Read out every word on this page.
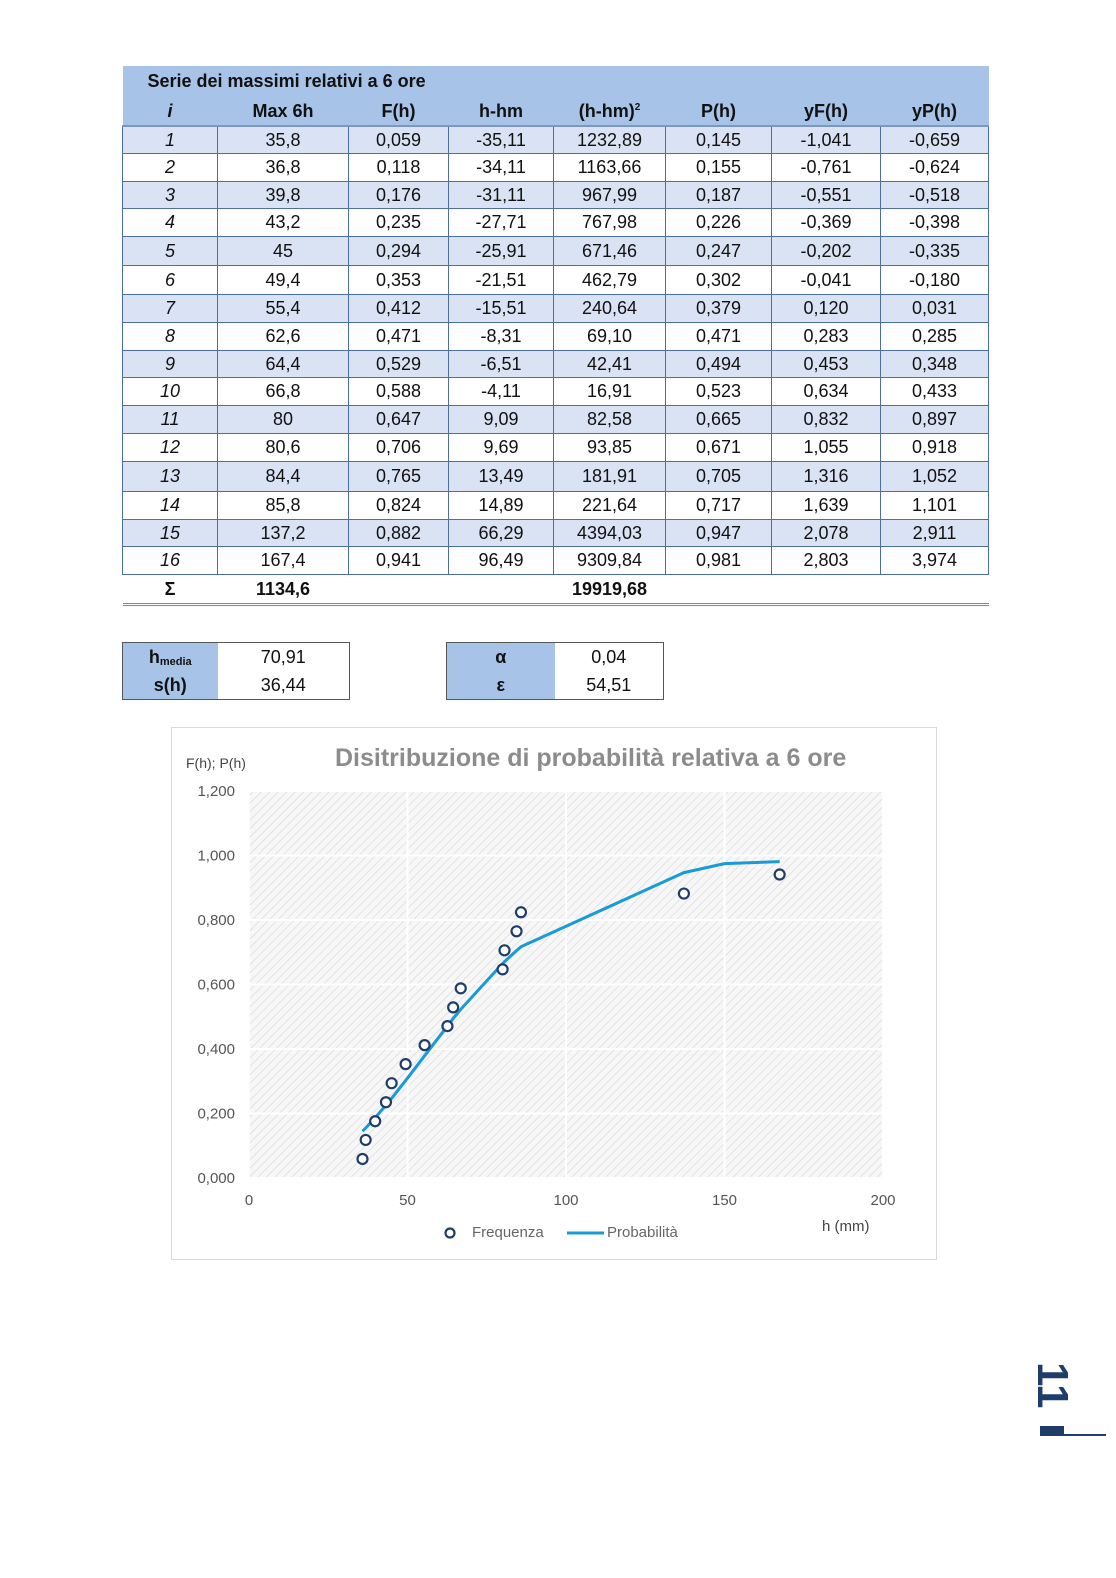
Serie dei massimi relativi a 6 ore							
i	Max 6h	F(h)	h-hm	$(h-hm)^2$	P(h)	yF(h)	yP(h)
1	35,8	0,059	-35,11	1232,89	0,145	-1,041	-0,659
2	36,8	0,118	-34,11	1163,66	0,155	-0,761	-0,624
3	39,8	0,176	-31,11	967,99	0,187	-0,551	-0,518
4	43,2	0,235	-27,71	767,98	0,226	-0,369	-0,398
5	45	0,294	-25,91	671,46	0,247	-0,202	-0,335
6	49,4	0,353	-21,51	462,79	0,302	-0,041	-0,180
7	55,4	0,412	-15,51	240,64	0,379	0,120	0,031
8	62,6	0,471	-8,31	69,10	0,471	0,283	0,285
9	64,4	0,529	-6,51	42,41	0,494	0,453	0,348
10	66,8	0,588	-4,11	16,91	0,523	0,634	0,433
11	80	0,647	9,09	82,58	0,665	0,832	0,897
12	80,6	0,706	9,69	93,85	0,671	1,055	0,918
13	84,4	0,765	13,49	181,91	0,705	1,316	1,052
14	85,8	0,824	14,89	221,64	0,717	1,639	1,101
15	137,2	0,882	66,29	4394,03	0,947	2,078	2,911
16	167,4	0,941	96,49	9309,84	0,981	2,803	3,974
Σ	1134,6			19919,68			
$h_{media}$	70,91
s(h)	36,44
α	0,04
ε	54,51
0,000
0,200
0,400
0,600
0,800
1,000
1,200
0	50	100	150	200
Disitribuzione di probabilità relativa a 6 ore
F(h); P(h)
h (mm)
Frequenza	Probabilità
11
